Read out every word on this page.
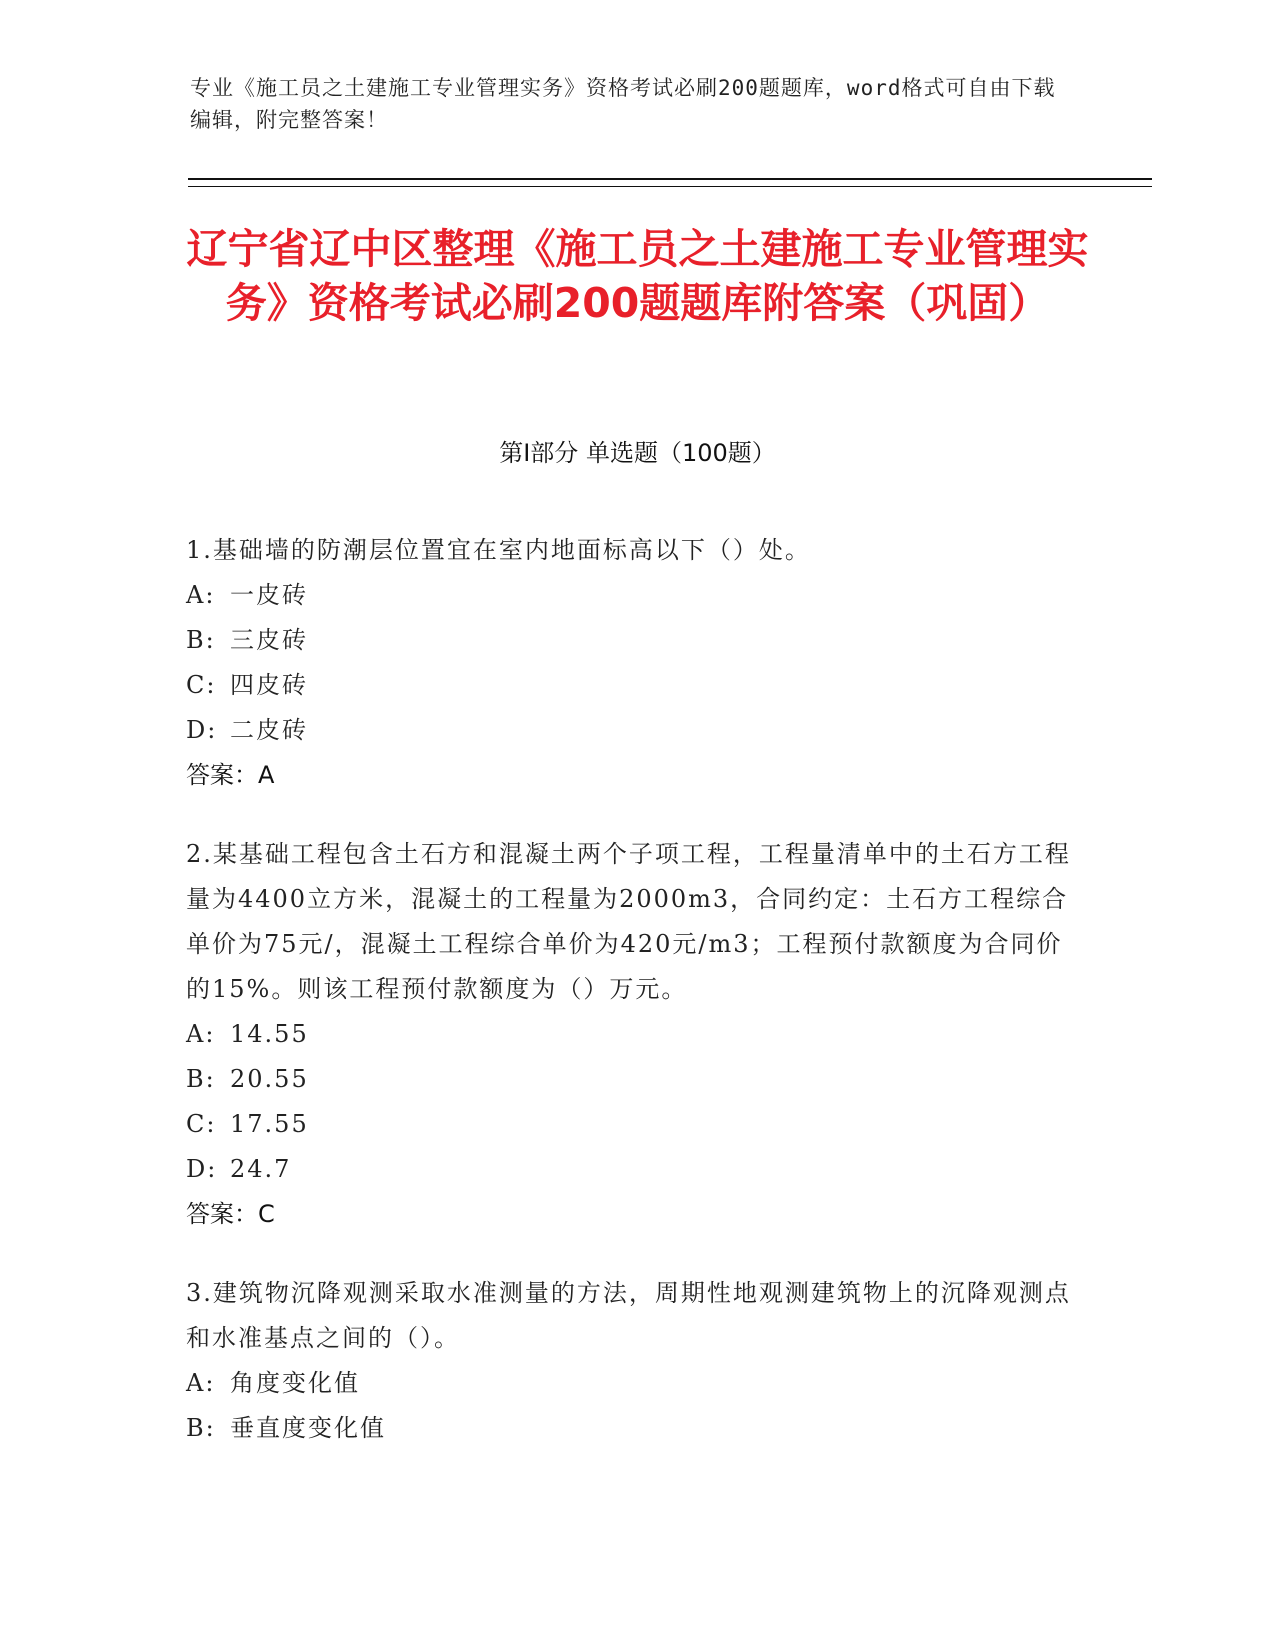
专业《施工员之土建施工专业管理实务》资格考试必刷200题题库，word格式可自由下载编辑，附完整答案！
辽宁省辽中区整理《施工员之土建施工专业管理实务》资格考试必刷200题题库附答案（巩固）
第Ⅰ部分 单选题（100题）

1.基础墙的防潮层位置宜在室内地面标高以下（）处。

A: 一皮砖
B: 三皮砖
C: 四皮砖
D: 二皮砖
答案：A

2.某基础工程包含土石方和混凝土两个子项工程，工程量清单中的土石方工程量为4400立方米，混凝土的工程量为2000m3，合同约定：土石方工程综合单价为75元/，混凝土工程综合单价为420元/m3；工程预付款额度为合同价的15%。则该工程预付款额度为（）万元。

A: 14.55
B: 20.55
C: 17.55
D: 24.7
答案：C

3.建筑物沉降观测采取水准测量的方法，周期性地观测建筑物上的沉降观测点和水准基点之间的（）。

A: 角度变化值
B: 垂直度变化值
